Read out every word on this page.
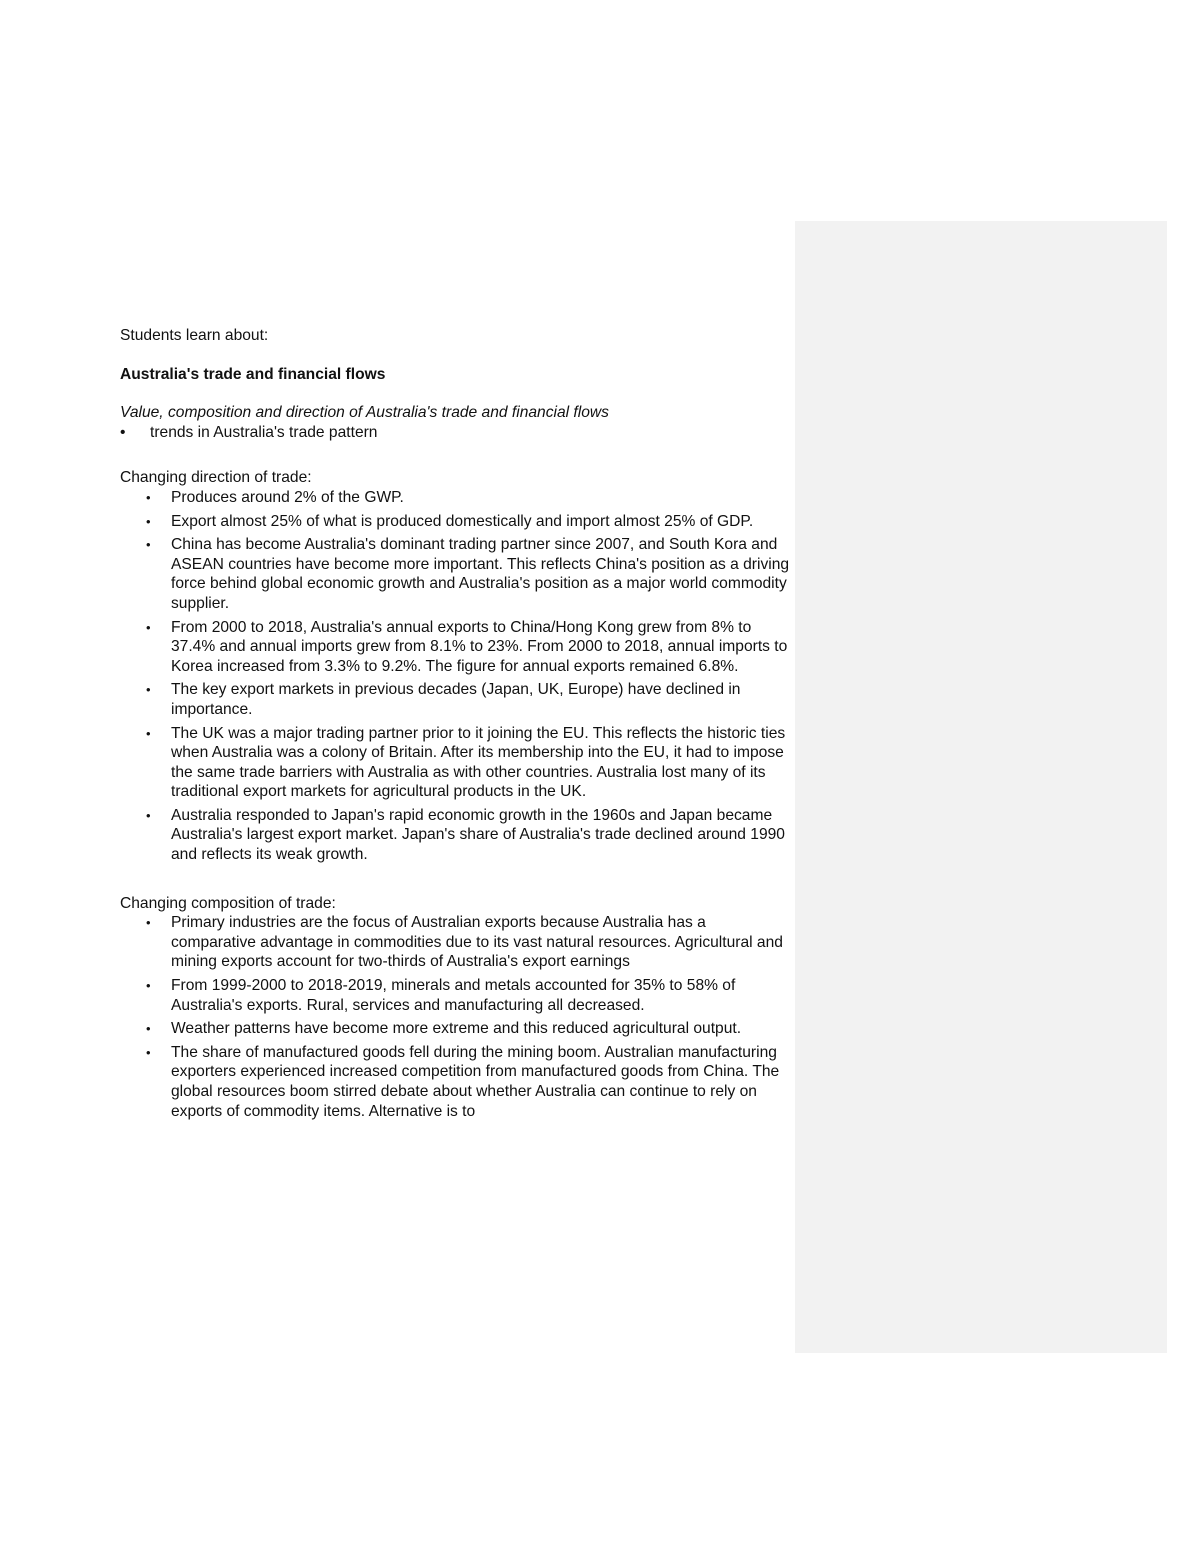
Students learn about:

Australia's trade and financial flows

Value, composition and direction of Australia's trade and financial flows

• trends in Australia's trade pattern

Changing direction of trade:

• Produces around 2% of the GWP.
• Export almost 25% of what is produced domestically and import almost 25% of GDP.
• China has become Australia's dominant trading partner since 2007, and South Kora and ASEAN countries have become more important. This reflects China's position as a driving force behind global economic growth and Australia's position as a major world commodity supplier.
• From 2000 to 2018, Australia's annual exports to China/Hong Kong grew from 8% to 37.4% and annual imports grew from 8.1% to 23%. From 2000 to 2018, annual imports to Korea increased from 3.3% to 9.2%. The figure for annual exports remained 6.8%.
• The key export markets in previous decades (Japan, UK, Europe) have declined in importance.
• The UK was a major trading partner prior to it joining the EU. This reflects the historic ties when Australia was a colony of Britain. After its membership into the EU, it had to impose the same trade barriers with Australia as with other countries. Australia lost many of its traditional export markets for agricultural products in the UK.
• Australia responded to Japan's rapid economic growth in the 1960s and Japan became Australia's largest export market. Japan's share of Australia's trade declined around 1990 and reflects its weak growth.

Changing composition of trade:

• Primary industries are the focus of Australian exports because Australia has a comparative advantage in commodities due to its vast natural resources. Agricultural and mining exports account for two-thirds of Australia's export earnings
• From 1999-2000 to 2018-2019, minerals and metals accounted for 35% to 58% of Australia's exports. Rural, services and manufacturing all decreased.
• Weather patterns have become more extreme and this reduced agricultural output.
• The share of manufactured goods fell during the mining boom. Australian manufacturing exporters experienced increased competition from manufactured goods from China. The global resources boom stirred debate about whether Australia can continue to rely on exports of commodity items. Alternative is to
